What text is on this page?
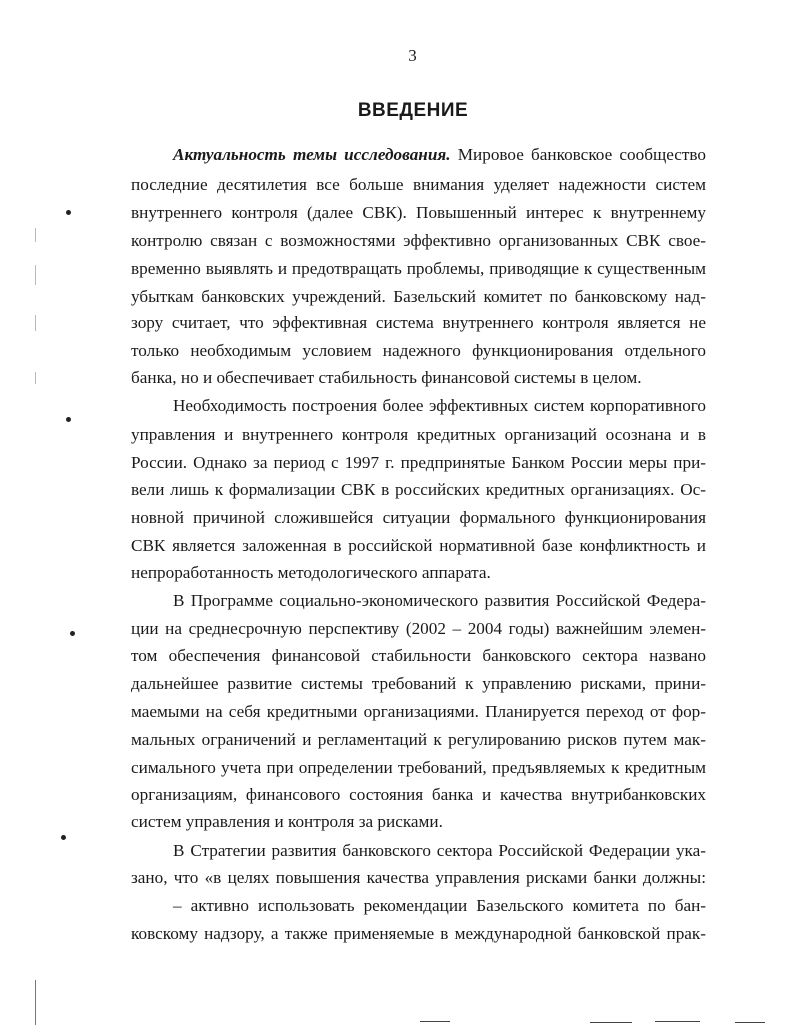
3
ВВЕДЕНИЕ
Актуальность темы исследования. Мировое банковское сообщество
последние десятилетия все больше внимания уделяет надежности систем
внутреннего контроля (далее СВК). Повышенный интерес к внутреннему
контролю связан с возможностями эффективно организованных СВК свое-
временно выявлять и предотвращать проблемы, приводящие к существенным
убыткам банковских учреждений. Базельский комитет по банковскому над-
зору считает, что эффективная система внутреннего контроля является не
только необходимым условием надежного функционирования отдельного
банка, но и обеспечивает стабильность финансовой системы в целом.
Необходимость построения более эффективных систем корпоративного
управления и внутреннего контроля кредитных организаций осознана и в
России. Однако за период с 1997 г. предпринятые Банком России меры при-
вели лишь к формализации СВК в российских кредитных организациях. Ос-
новной причиной сложившейся ситуации формального функционирования
СВК является заложенная в российской нормативной базе конфликтность и
непроработанность методологического аппарата.
В Программе социально-экономического развития Российской Федера-
ции на среднесрочную перспективу (2002 – 2004 годы) важнейшим элемен-
том обеспечения финансовой стабильности банковского сектора названо
дальнейшее развитие системы требований к управлению рисками, прини-
маемыми на себя кредитными организациями. Планируется переход от фор-
мальных ограничений и регламентаций к регулированию рисков путем мак-
симального учета при определении требований, предъявляемых к кредитным
организациям, финансового состояния банка и качества внутрибанковских
систем управления и контроля за рисками.
В Стратегии развития банковского сектора Российской Федерации ука-
зано, что «в целях повышения качества управления рисками банки должны:
– активно использовать рекомендации Базельского комитета по бан-
ковскому надзору, а также применяемые в международной банковской прак-
